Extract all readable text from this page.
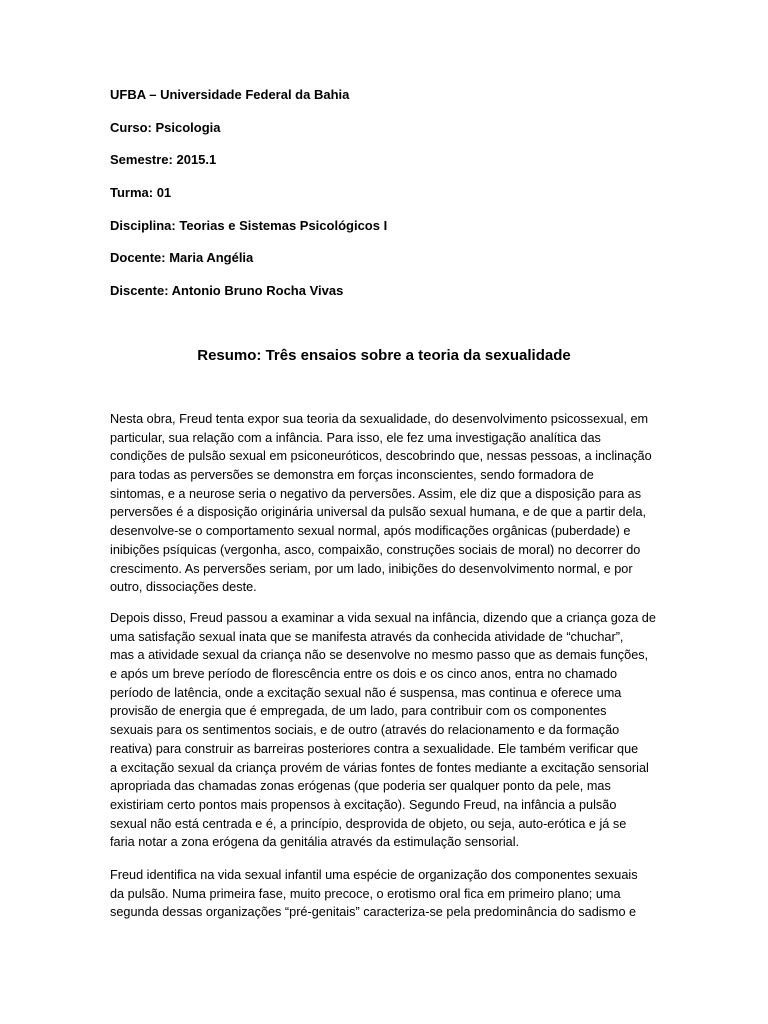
UFBA – Universidade Federal da Bahia
Curso: Psicologia
Semestre: 2015.1
Turma: 01
Disciplina: Teorias e Sistemas Psicológicos I
Docente: Maria Angélia
Discente: Antonio Bruno Rocha Vivas
Resumo: Três ensaios sobre a teoria da sexualidade
Nesta obra, Freud tenta expor sua teoria da sexualidade, do desenvolvimento psicossexual, em
particular, sua relação com a infância. Para isso, ele fez uma investigação analítica das
condições de pulsão sexual em psiconeuróticos, descobrindo que, nessas pessoas, a inclinação
para todas as perversões se demonstra em forças inconscientes, sendo formadora de
sintomas, e a neurose seria o negativo da perversões. Assim, ele diz que a disposição para as
perversões é a disposição originária universal da pulsão sexual humana, e de que a partir dela,
desenvolve-se o comportamento sexual normal, após modificações orgânicas (puberdade) e
inibições psíquicas (vergonha, asco, compaixão, construções sociais de moral) no decorrer do
crescimento. As perversões seriam, por um lado, inibições do desenvolvimento normal, e por
outro, dissociações deste.
Depois disso, Freud passou a examinar a vida sexual na infância, dizendo que a criança goza de
uma satisfação sexual inata que se manifesta através da conhecida atividade de “chuchar”,
mas a atividade sexual da criança não se desenvolve no mesmo passo que as demais funções,
e após um breve período de florescência entre os dois e os cinco anos, entra no chamado
período de latência, onde a excitação sexual não é suspensa, mas continua e oferece uma
provisão de energia que é empregada, de um lado, para contribuir com os componentes
sexuais para os sentimentos sociais, e de outro (através do relacionamento e da formação
reativa) para construir as barreiras posteriores contra a sexualidade. Ele também verificar que
a excitação sexual da criança provém de várias fontes de fontes mediante a excitação sensorial
apropriada das chamadas zonas erógenas (que poderia ser qualquer ponto da pele, mas
existiriam certo pontos mais propensos à excitação). Segundo Freud, na infância a pulsão
sexual não está centrada e é, a princípio, desprovida de objeto, ou seja, auto-erótica e já se
faria notar a zona erógena da genitália através da estimulação sensorial.
Freud identifica na vida sexual infantil uma espécie de organização dos componentes sexuais
da pulsão. Numa primeira fase, muito precoce, o erotismo oral fica em primeiro plano; uma
segunda dessas organizações “pré-genitais” caracteriza-se pela predominância do sadismo e
